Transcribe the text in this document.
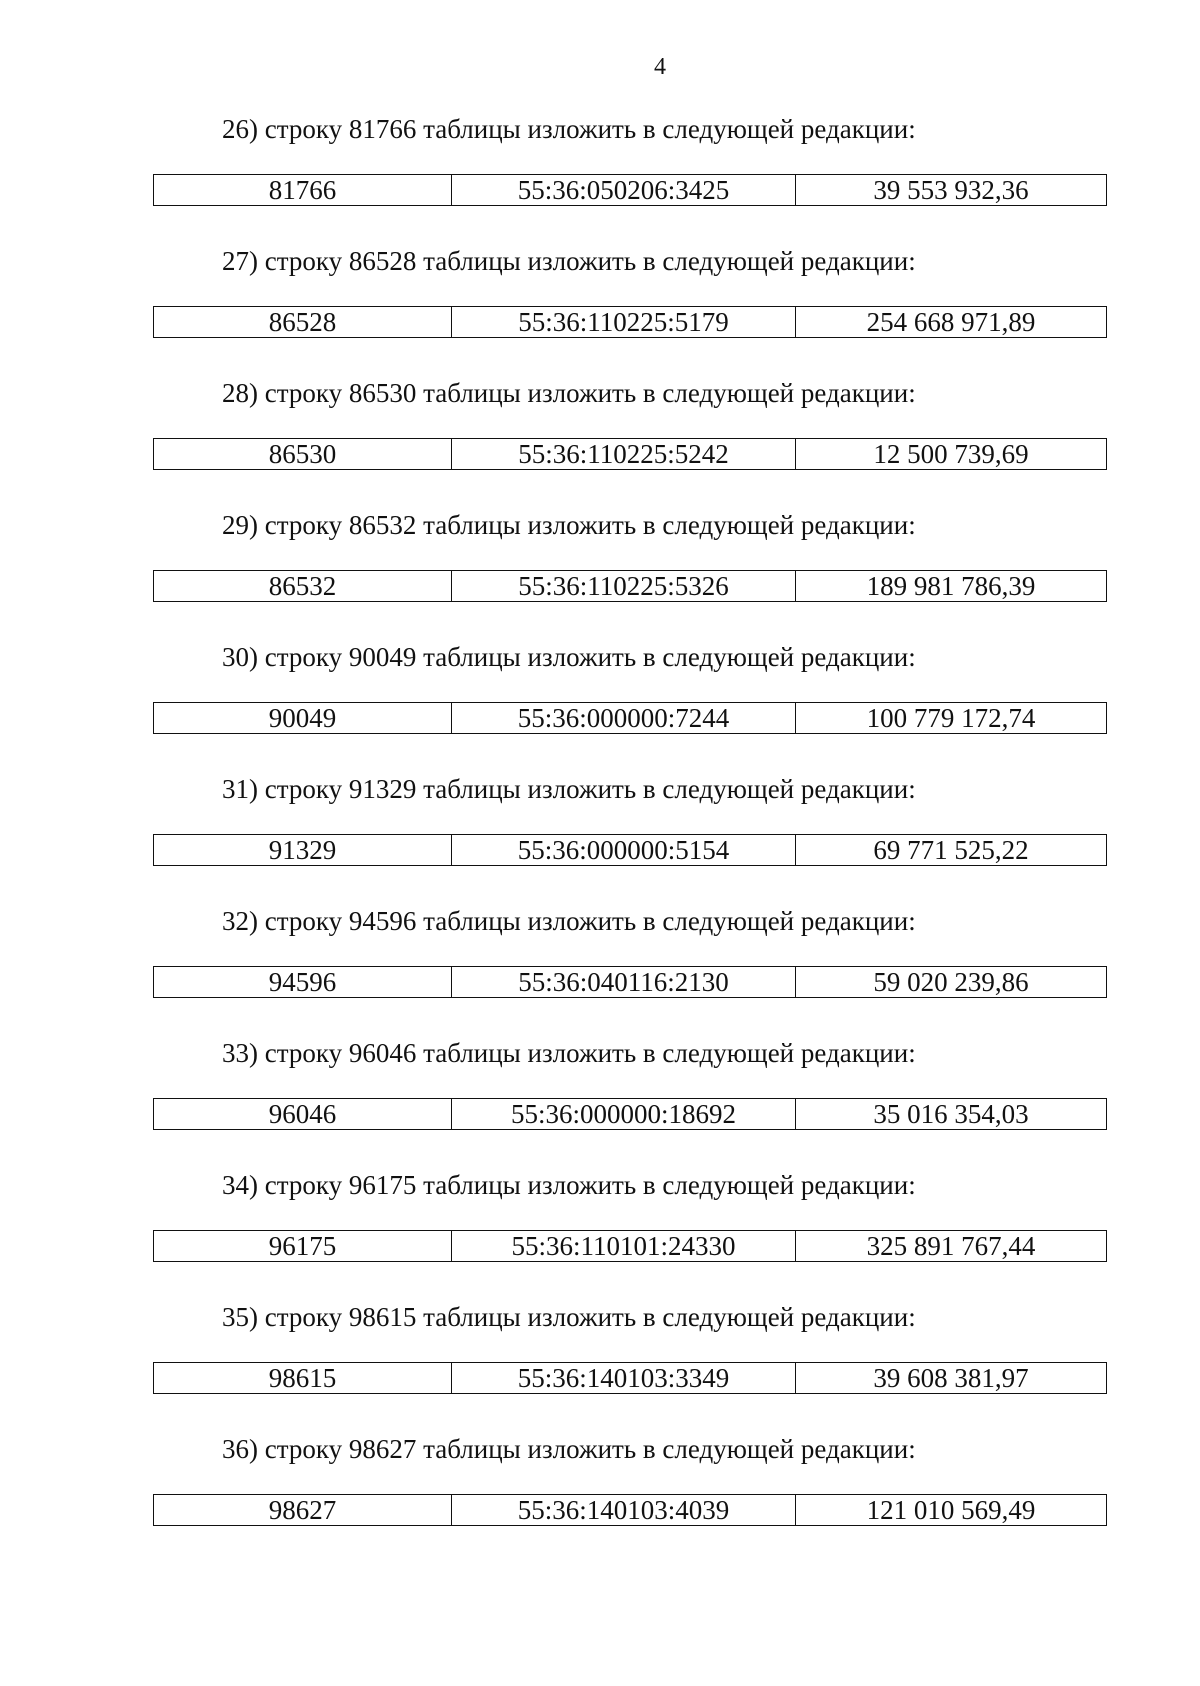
4
26) строку 81766 таблицы изложить в следующей редакции:
81766	55:36:050206:3425	39 553 932,36
27) строку 86528 таблицы изложить в следующей редакции:
86528	55:36:110225:5179	254 668 971,89
28) строку 86530 таблицы изложить в следующей редакции:
86530	55:36:110225:5242	12 500 739,69
29) строку 86532 таблицы изложить в следующей редакции:
86532	55:36:110225:5326	189 981 786,39
30) строку 90049 таблицы изложить в следующей редакции:
90049	55:36:000000:7244	100 779 172,74
31) строку 91329 таблицы изложить в следующей редакции:
91329	55:36:000000:5154	69 771 525,22
32) строку 94596 таблицы изложить в следующей редакции:
94596	55:36:040116:2130	59 020 239,86
33) строку 96046 таблицы изложить в следующей редакции:
96046	55:36:000000:18692	35 016 354,03
34) строку 96175 таблицы изложить в следующей редакции:
96175	55:36:110101:24330	325 891 767,44
35) строку 98615 таблицы изложить в следующей редакции:
98615	55:36:140103:3349	39 608 381,97
36) строку 98627 таблицы изложить в следующей редакции:
98627	55:36:140103:4039	121 010 569,49
